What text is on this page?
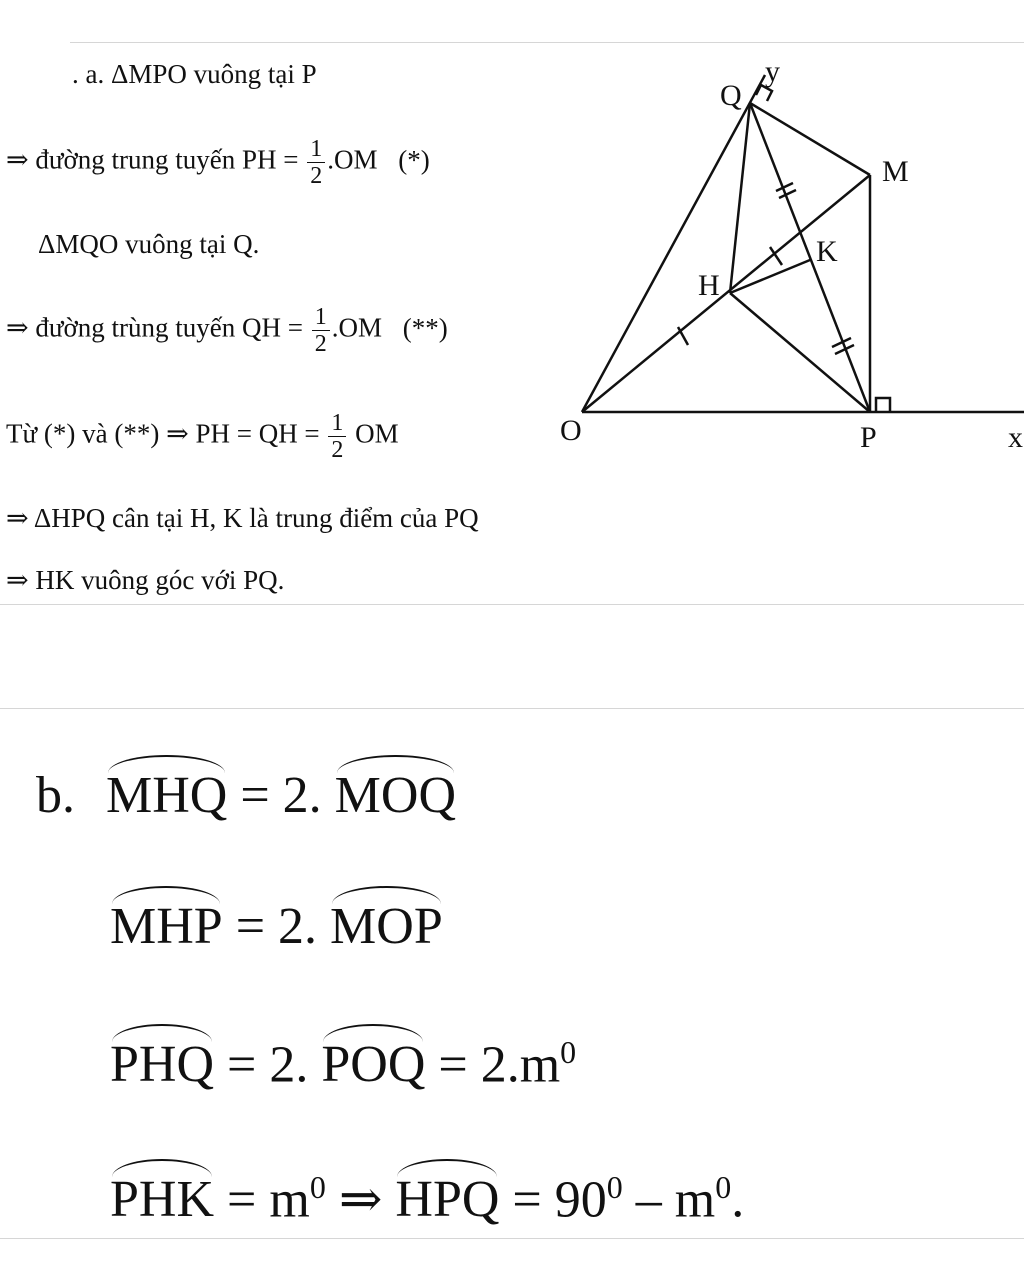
. a. ΔMPO vuông tại P
⇒ đường trung tuyến PH = $\frac{1}{2} .OM$ (*)
ΔMQO vuông tại Q.
⇒ đường trùng tuyến QH = $\frac{1}{2} .OM$ (**)
Từ (*) và (**) ⇒ PH = QH = $\frac{1}{2}$ OM
⇒ ΔHPQ cân tại H, K là trung điểm của PQ
⇒ HK vuông góc với PQ.
O	P	x
Q
y
M
H
K
b. MHQ = 2. MOQ
MHP = 2. MOP
PHQ = 2. POQ = $2.m^0$
PHK = $m^0$ ⇒ HPQ = $90^0 - m^0$.
